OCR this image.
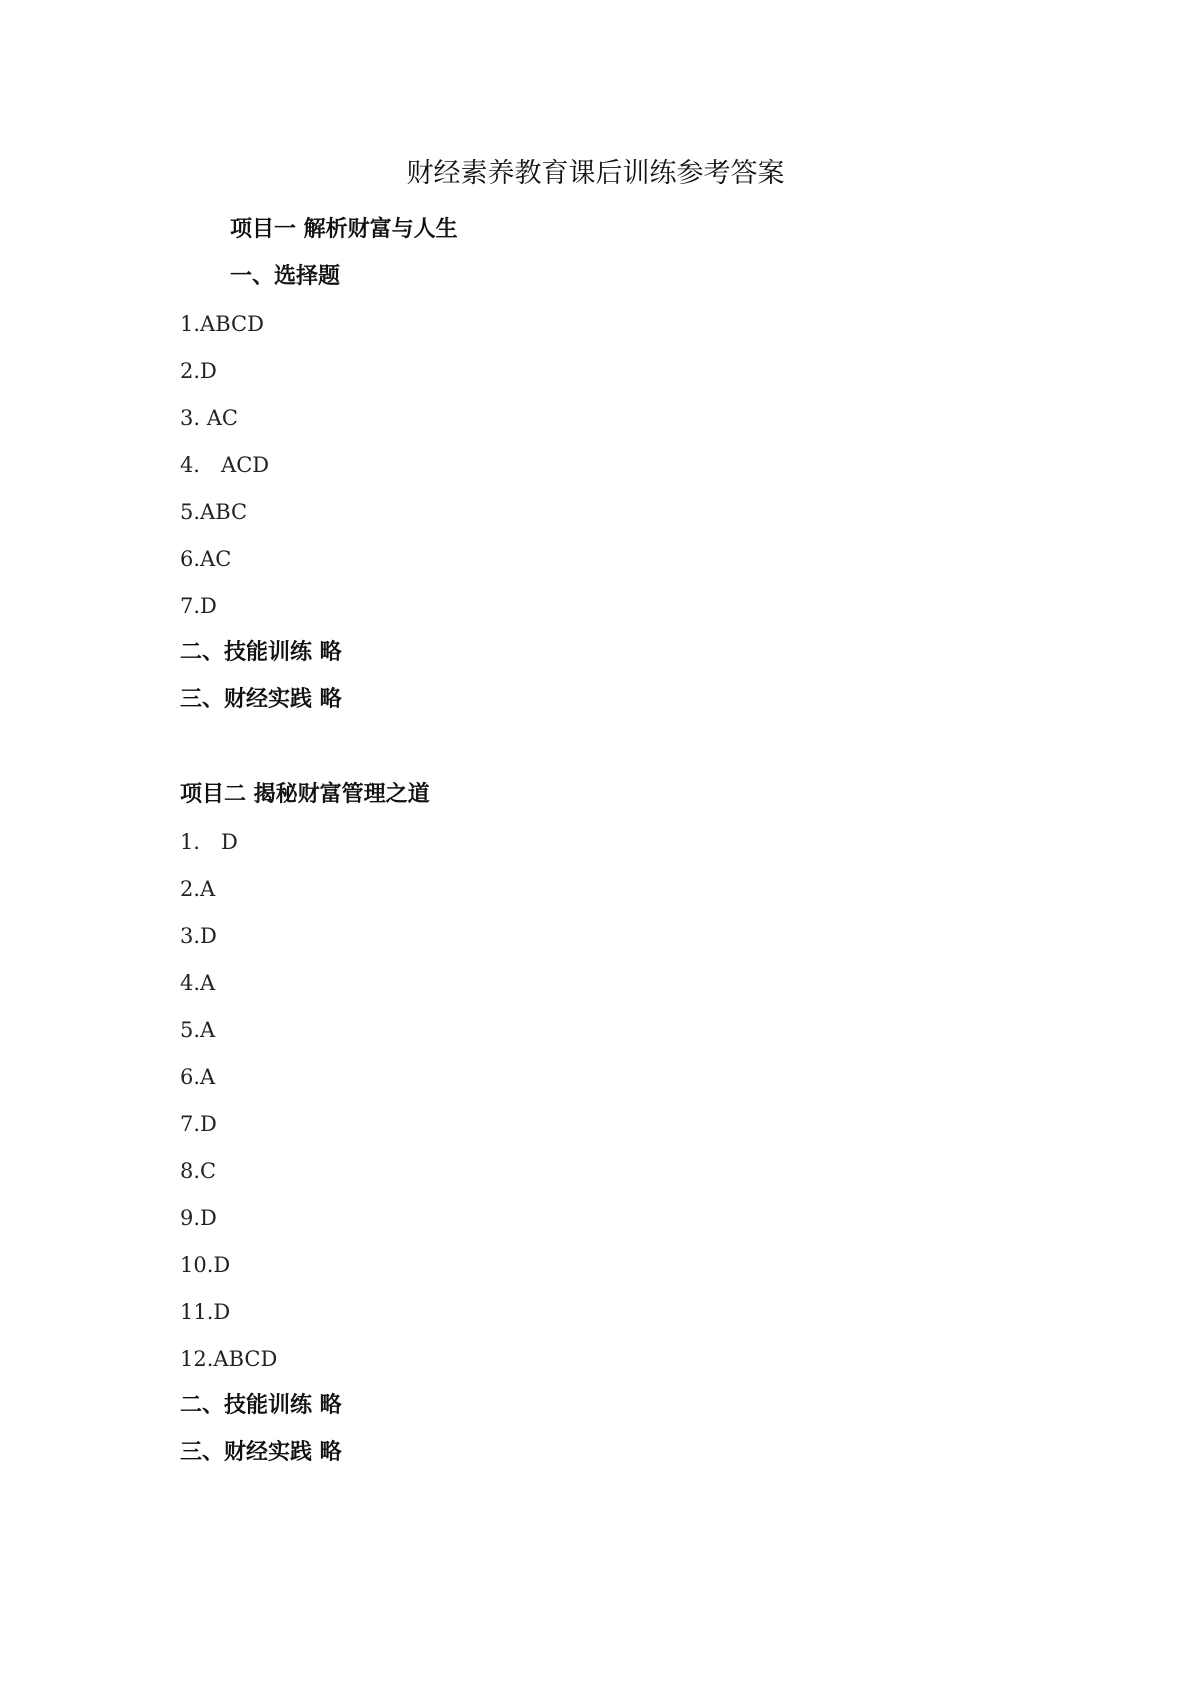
财经素养教育课后训练参考答案
项目一 解析财富与人生
一、选择题
1.ABCD
2.D
3. AC
4． ACD
5.ABC
6.AC
7.D
二、技能训练 略
三、财经实践 略
项目二 揭秘财富管理之道
1． D
2.A
3.D
4.A
5.A
6.A
7.D
8.C
9.D
10.D
11.D
12.ABCD
二、技能训练 略
三、财经实践 略
